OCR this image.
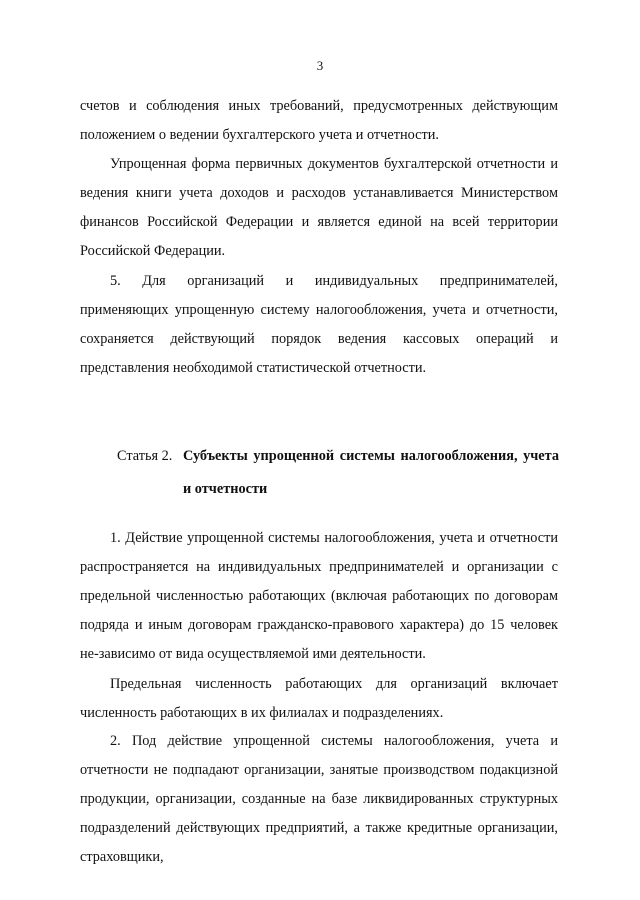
3

счетов и соблюдения иных требований, предусмотренных действующим положением о ведении бухгалтерского учета и отчетности.

Упрощенная форма первичных документов бухгалтерской отчетности и ведения книги учета доходов и расходов устанавливается Министерством финансов Российской Федерации и является единой на всей территории Российской Федерации.

5. Для организаций и индивидуальных предпринимателей, применяющих упрощенную систему налогообложения, учета и отчетности, сохраняется действующий порядок ведения кассовых операций и представления необходимой статистической отчетности.

Статья 2. Субъекты упрощенной системы налогообложения, учета и отчетности

1. Действие упрощенной системы налогообложения, учета и отчетности распространяется на индивидуальных предпринимателей и организации с предельной численностью работающих (включая работающих по договорам подряда и иным договорам гражданско-правового характера) до 15 человек не-зависимо от вида осуществляемой ими деятельности.

Предельная численность работающих для организаций включает численность работающих в их филиалах и подразделениях.

2. Под действие упрощенной системы налогообложения, учета и отчетности не подпадают организации, занятые производством подакцизной продукции, организации, созданные на базе ликвидированных структурных подразделений действующих предприятий, а также кредитные организации, страховщики,
